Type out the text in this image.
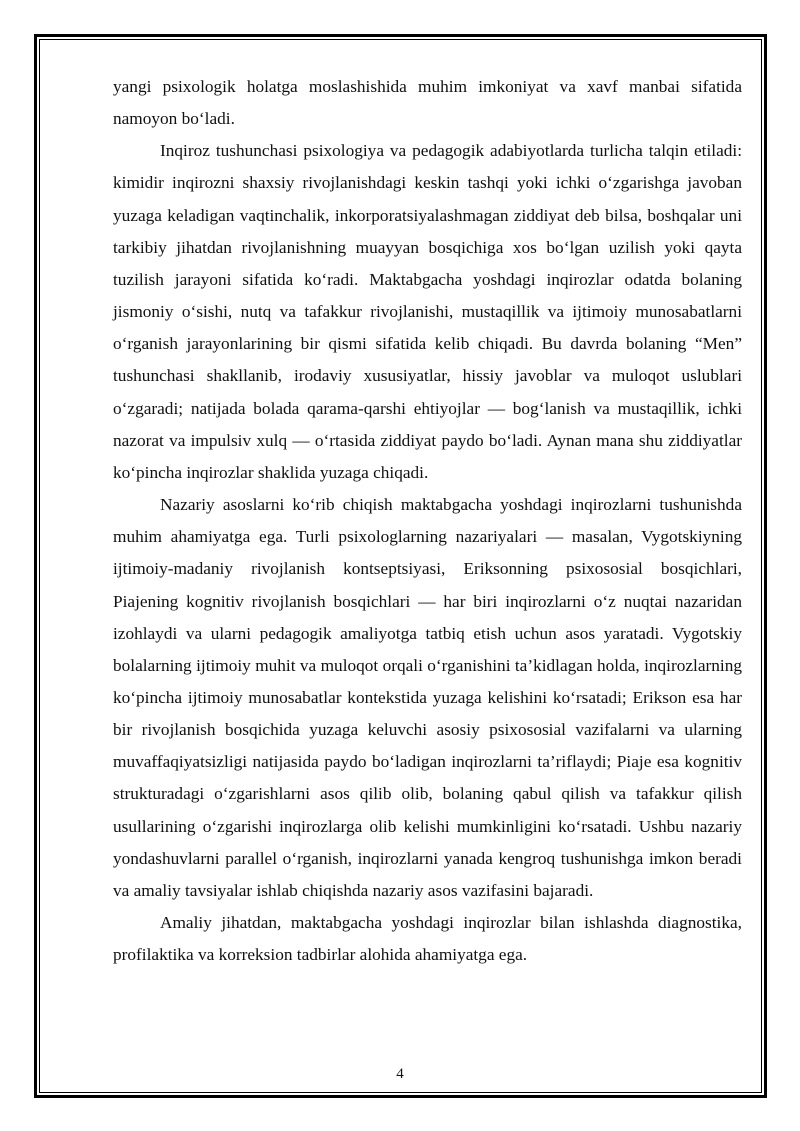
yangi psixologik holatga moslashishida muhim imkoniyat va xavf manbai sifatida namoyon boʻladi.

Inqiroz tushunchasi psixologiya va pedagogik adabiyotlarda turlicha talqin etiladi: kimidir inqirozni shaxsiy rivojlanishdagi keskin tashqi yoki ichki oʻzgarishga javoban yuzaga keladigan vaqtinchalik, inkorporatsiyalashmagan ziddiyat deb bilsa, boshqalar uni tarkibiy jihatdan rivojlanishning muayyan bosqichiga xos boʻlgan uzilish yoki qayta tuzilish jarayoni sifatida koʻradi. Maktabgacha yoshdagi inqirozlar odatda bolaning jismoniy oʻsishi, nutq va tafakkur rivojlanishi, mustaqillik va ijtimoiy munosabatlarni oʻrganish jarayonlarining bir qismi sifatida kelib chiqadi. Bu davrda bolaning “Men” tushunchasi shakllanib, irodaviy xususiyatlar, hissiy javoblar va muloqot uslublari oʻzgaradi; natijada bolada qarama-qarshi ehtiyojlar — bogʻlanish va mustaqillik, ichki nazorat va impulsiv xulq — oʻrtasida ziddiyat paydo boʻladi. Aynan mana shu ziddiyatlar koʻpincha inqirozlar shaklida yuzaga chiqadi.

Nazariy asoslarni koʻrib chiqish maktabgacha yoshdagi inqirozlarni tushunishda muhim ahamiyatga ega. Turli psixologlarning nazariyalari — masalan, Vygotskiyning ijtimoiy-madaniy rivojlanish kontseptsiyasi, Eriksonning psixososial bosqichlari, Piajening kognitiv rivojlanish bosqichlari — har biri inqirozlarni oʻz nuqtai nazaridan izohlaydi va ularni pedagogik amaliyotga tatbiq etish uchun asos yaratadi. Vygotskiy bolalarning ijtimoiy muhit va muloqot orqali oʻrganishini ta’kidlagan holda, inqirozlarning koʻpincha ijtimoiy munosabatlar kontekstida yuzaga kelishini koʻrsatadi; Erikson esa har bir rivojlanish bosqichida yuzaga keluvchi asosiy psixososial vazifalarni va ularning muvaffaqiyatsizligi natijasida paydo boʻladigan inqirozlarni ta’riflaydi; Piaje esa kognitiv strukturadagi oʻzgarishlarni asos qilib olib, bolaning qabul qilish va tafakkur qilish usullarining oʻzgarishi inqirozlarga olib kelishi mumkinligini koʻrsatadi. Ushbu nazariy yondashuvlarni parallel oʻrganish, inqirozlarni yanada kengroq tushunishga imkon beradi va amaliy tavsiyalar ishlab chiqishda nazariy asos vazifasini bajaradi.

Amaliy jihatdan, maktabgacha yoshdagi inqirozlar bilan ishlashda diagnostika, profilaktika va korreksion tadbirlar alohida ahamiyatga ega.

4
